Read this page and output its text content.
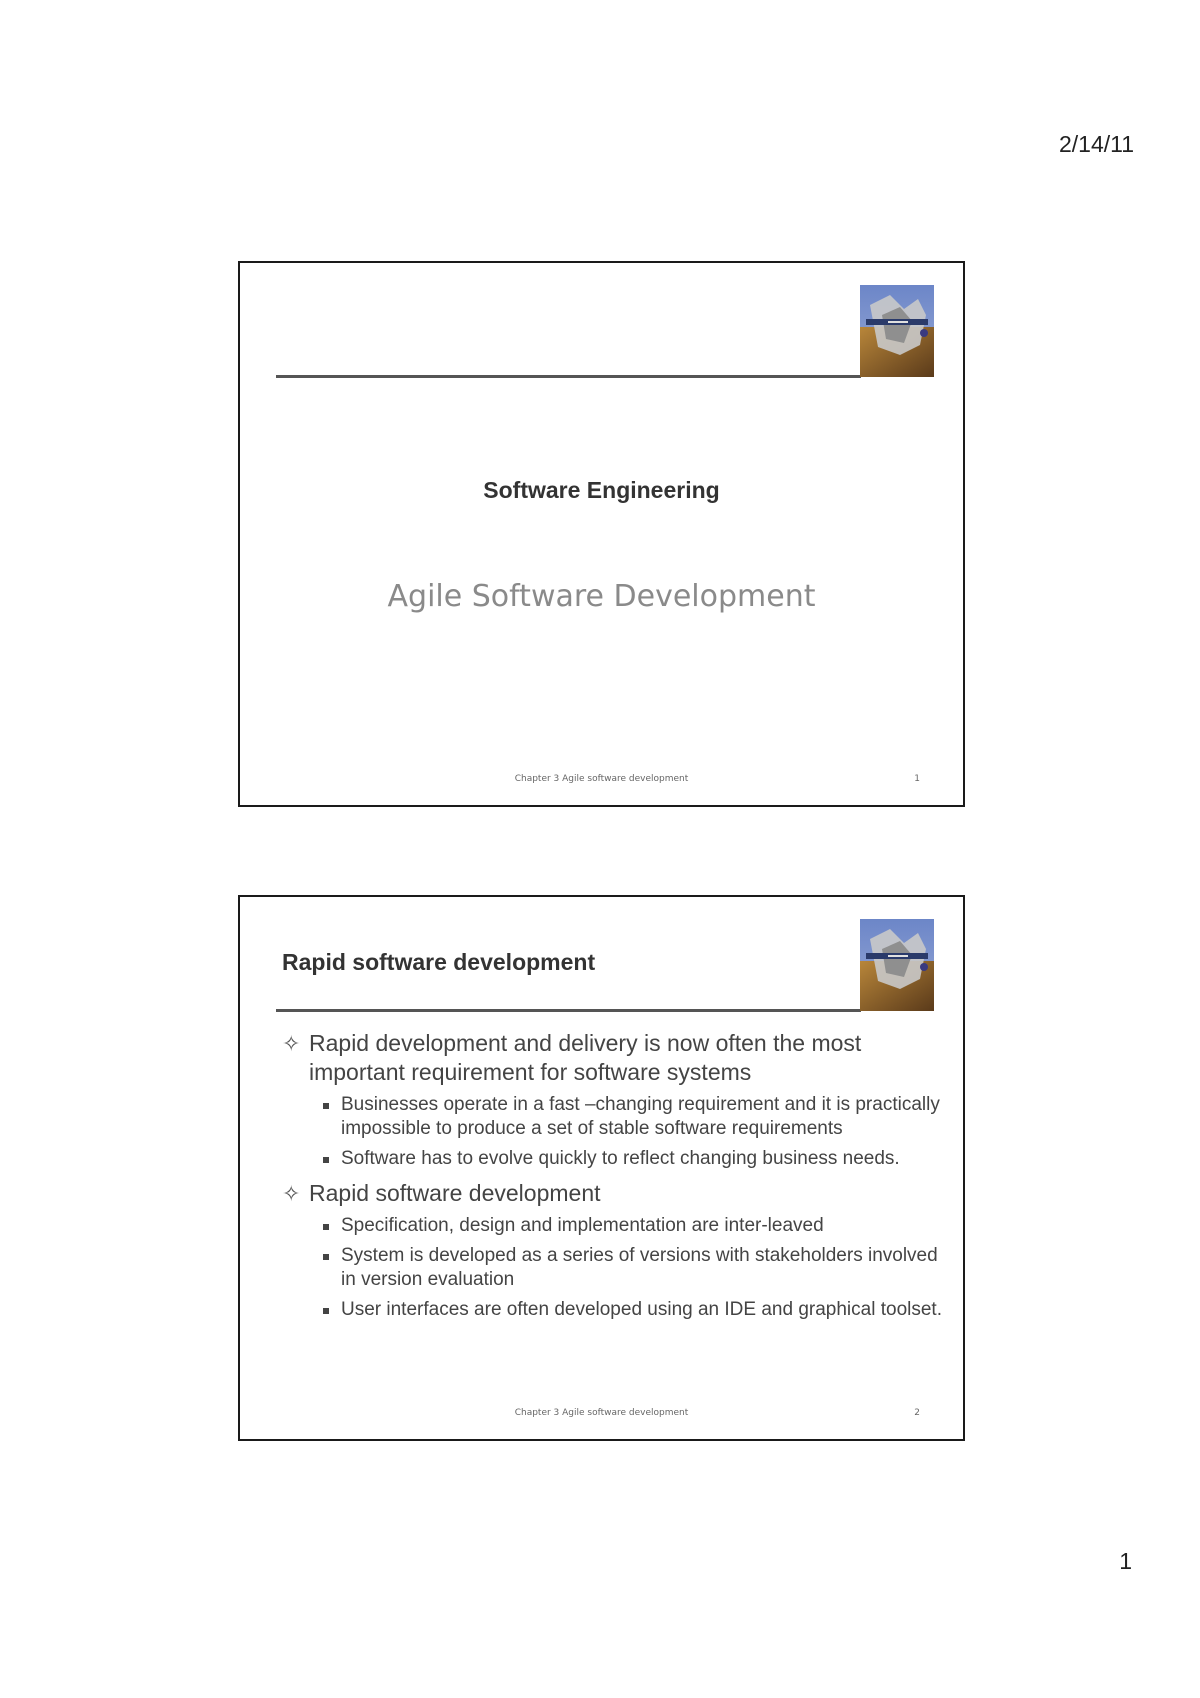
2/14/11
Software Engineering
Agile Software Development
Chapter 3 Agile software development	1
Rapid software development
✧ Rapid development and delivery is now often the most important requirement for software systems
Businesses operate in a fast –changing requirement and it is practically impossible to produce a set of stable software requirements
Software has to evolve quickly to reflect changing business needs.
✧ Rapid software development
Specification, design and implementation are inter-leaved
System is developed as a series of versions with stakeholders involved in version evaluation
User interfaces are often developed using an IDE and graphical toolset.
Chapter 3 Agile software development	2
1
